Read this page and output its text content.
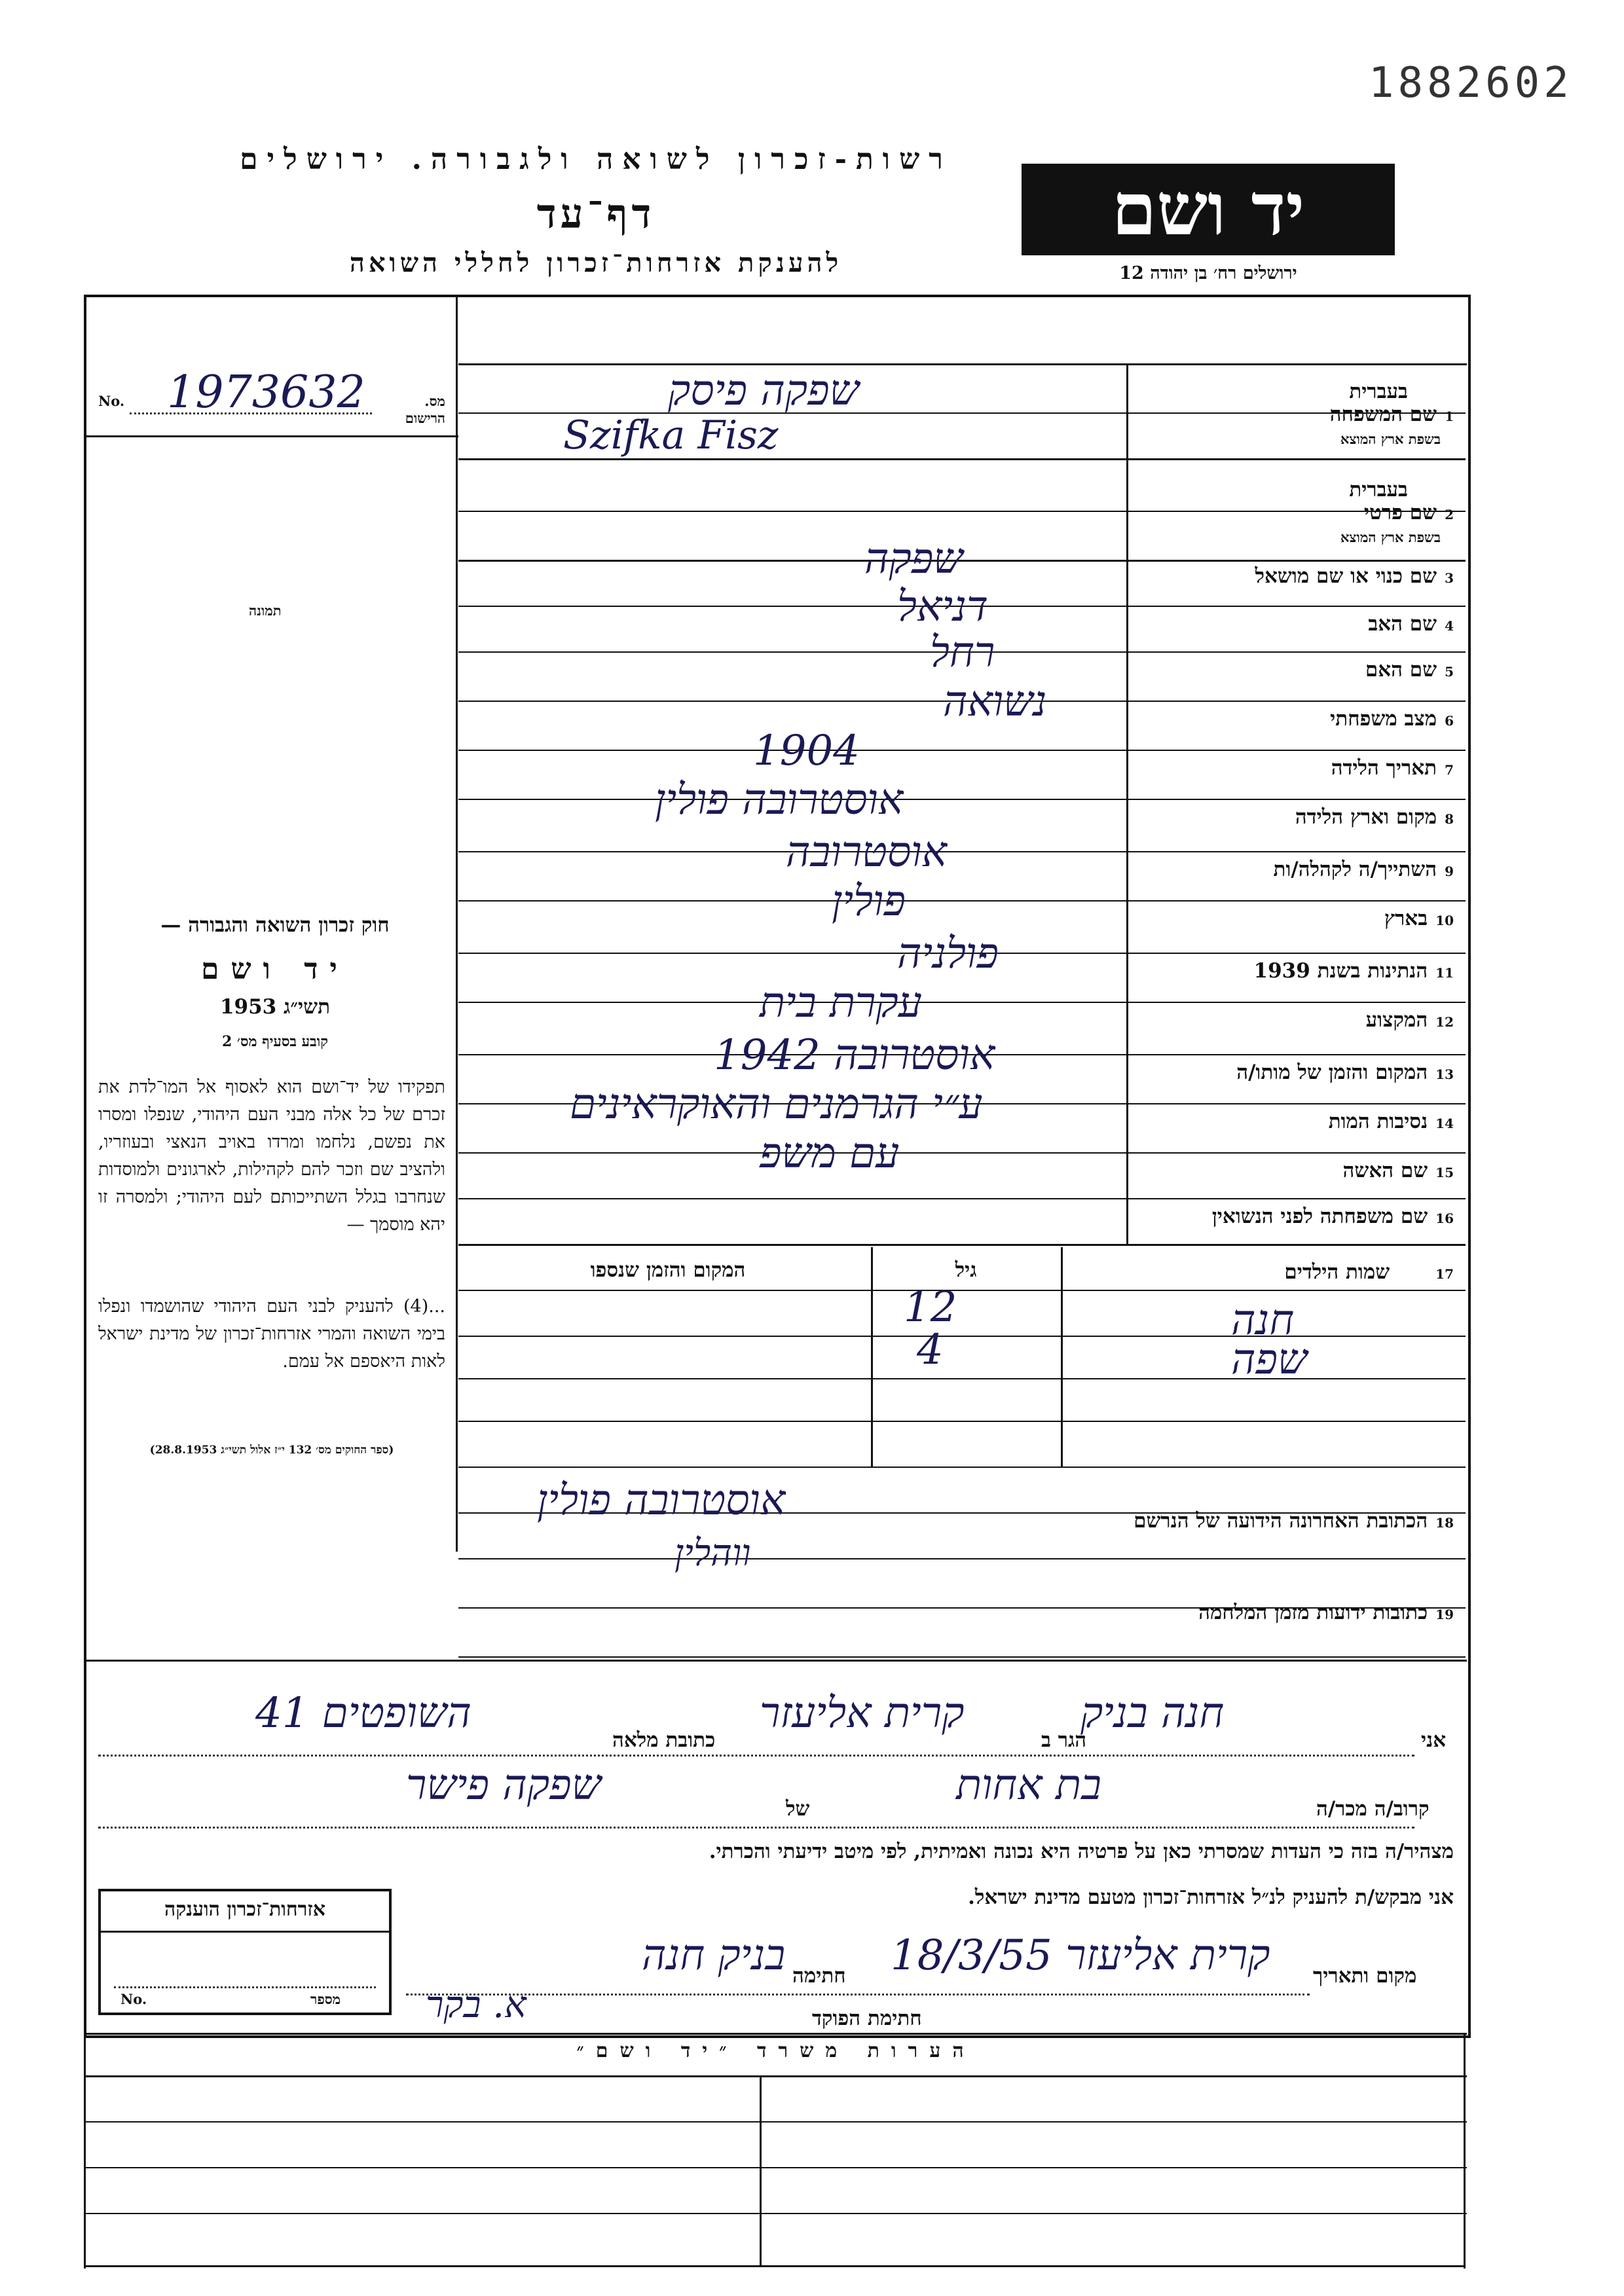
1882602
רשות-זכרון לשואה ולגבורה. ירושלים
דף־עד
להענקת אזרחות־זכרון לחללי השואה
יד ושם
ירושלים רח׳ בן יהודה 12
No. 1973632	מס. הרישום
תמונה
חוק זכרון השואה והגבורה —
יד ושם
תשי״ג 1953
קובע בסעיף מס׳ 2
תפקידו של יד־ושם הוא לאסוף אל המו־לדת את זכרם של כל אלה מבני העם היהודי, שנפלו ומסרו את נפשם, נלחמו ומרדו באויב הנאצי ובעוזריו, ולהציב שם וזכר להם לקהילות, לארגונים ולמוסדות שנחרבו בגלל השתייכותם לעם היהודי; ולמסרה זו יהא מוסמך —
...(4) להעניק לבני העם היהודי שהושמדו ונפלו בימי השואה והמרי אזרחות־זכרון של מדינת ישראל לאות היאספם אל עמם.
(ספר החוקים מס׳ 132 י״ז אלול תשי״ג 28.8.1953)
בעברית
1שם המשפחה
בשפת ארץ המוצא
שפקה פיסק
Szifka Fisz
בעברית
2שם פרטי
בשפת ארץ המוצא
3שם כנוי או שם מושאל
שפקה
4שם האב
דניאל
5שם האם
רחל
6מצב משפחתי
נשואה
7תאריך הלידה
1904
8מקום וארץ הלידה
אוסטרובה פולין
9השתייך/ה לקהלה/ות
אוסטרובה
10בארץ
פולין
11הנתינות בשנת 1939
פולניה
12המקצוע
עקרת בית
13המקום והזמן של מותו/ה
1942 אוסטרובה
14נסיבות המות
ע״י הגרמנים והאוקראינים
15שם האשה
עם משפ
16שם משפחתה לפני הנשואין
17שמות הילדים
גיל
המקום והזמן שנספו
חנה
12
שפה
4
18הכתובת האחרונה הידועה של הנרשם
אוסטרובה פולין
ווהלין
19כתובות ידועות מזמן המלחמה
אני
חנה בניק
הגר ב
קרית אליעזר
כתובת מלאה
השופטים 41
קרוב/ה מכר/ה
בת אחות
של
שפקה פישר
מצהיר/ה בזה כי העדות שמסרתי כאן על פרטיה היא נכונה ואמיתית, לפי מיטב ידיעתי והכרתי.
אני מבקש/ת להעניק לנ״ל אזרחות־זכרון מטעם מדינת ישראל.
אזרחות־זכרון הוענקה
No.	מספר
מקום ותאריך
קרית אליעזר 18/3/55
חתימה
בניק חנה
חתימת הפוקד
א. בקר
הערות משרד ״יד ושם״
